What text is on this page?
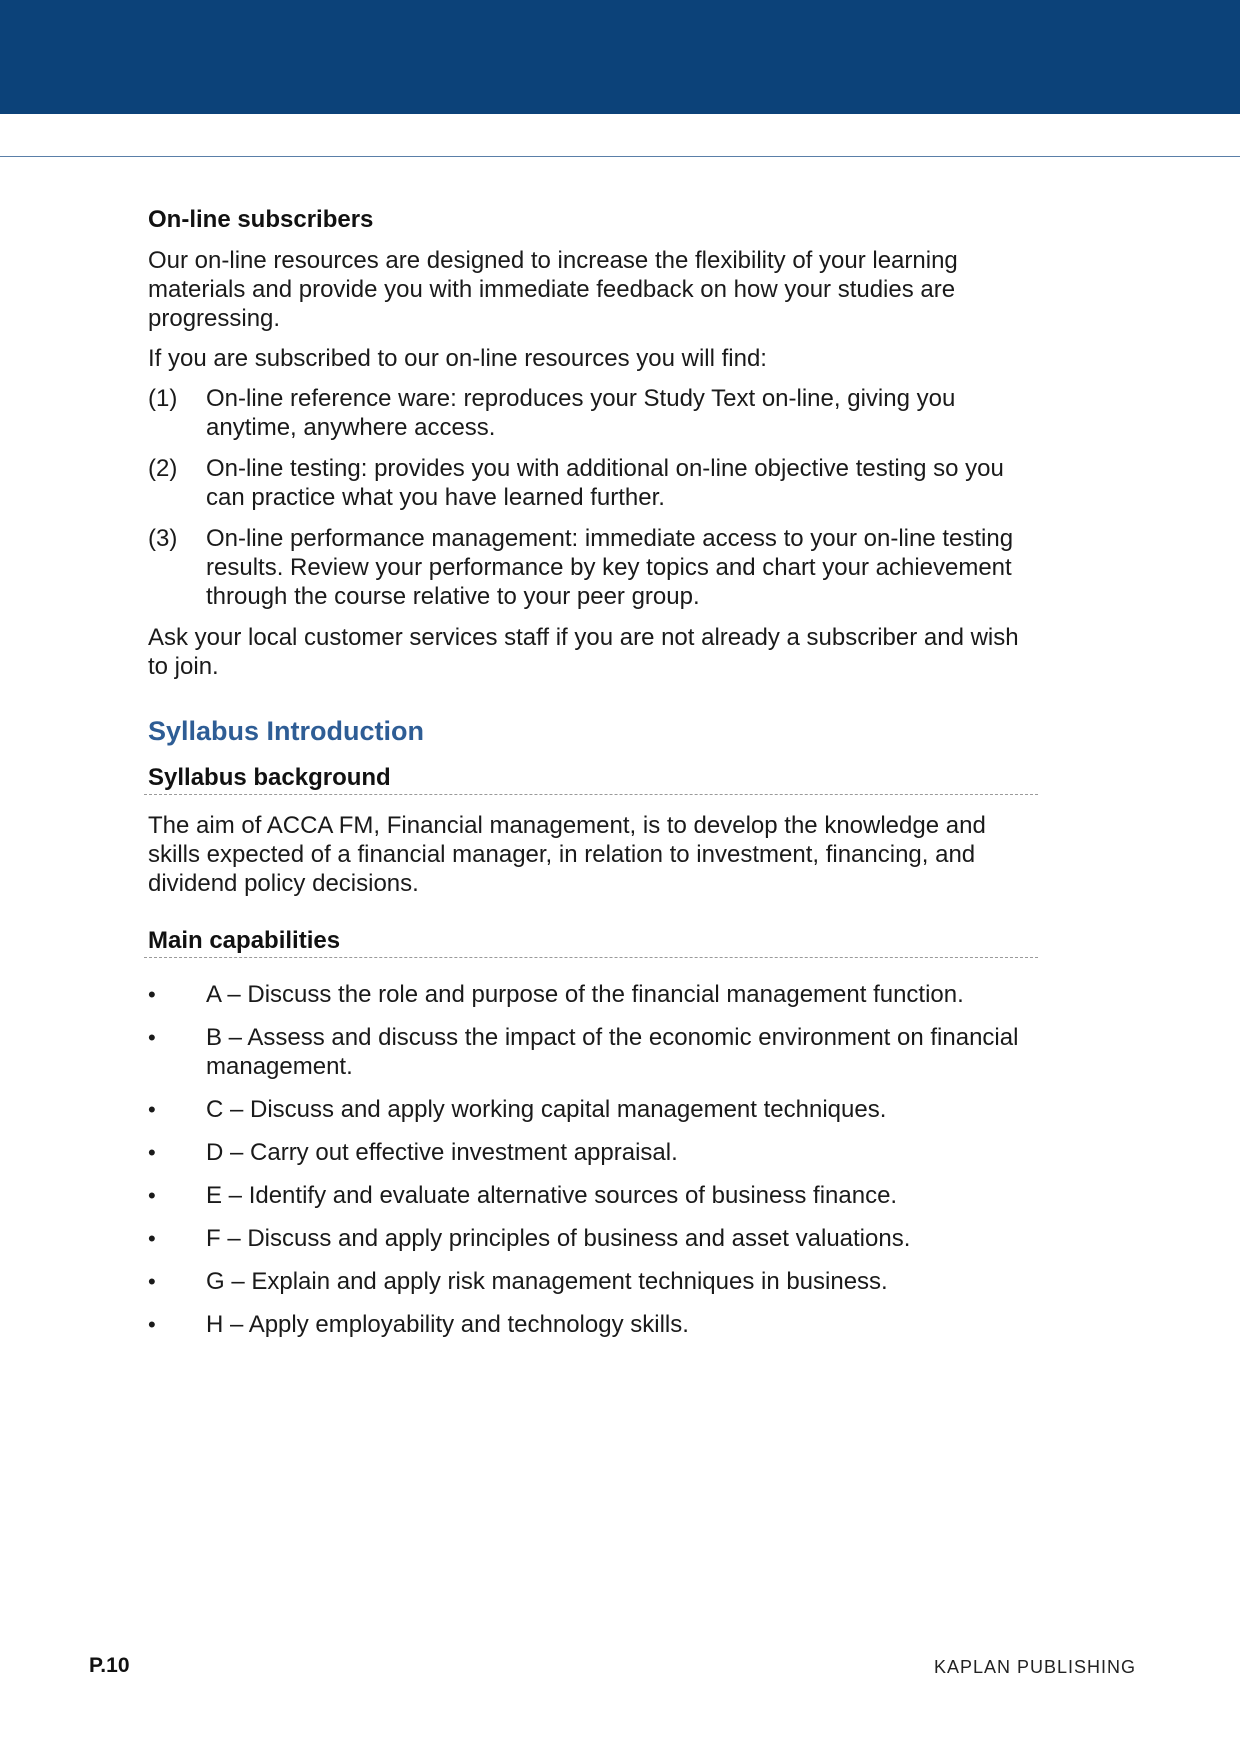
On-line subscribers

Our on-line resources are designed to increase the flexibility of your learning materials and provide you with immediate feedback on how your studies are progressing.

If you are subscribed to our on-line resources you will find:

(1)	On-line reference ware: reproduces your Study Text on-line, giving you anytime, anywhere access.
(2)	On-line testing: provides you with additional on-line objective testing so you can practice what you have learned further.
(3)	On-line performance management: immediate access to your on-line testing results. Review your performance by key topics and chart your achievement through the course relative to your peer group.

Ask your local customer services staff if you are not already a subscriber and wish to join.

Syllabus Introduction
Syllabus background

The aim of ACCA FM, Financial management, is to develop the knowledge and skills expected of a financial manager, in relation to investment, financing, and dividend policy decisions.

Main capabilities
•	A – Discuss the role and purpose of the financial management function.
•	B – Assess and discuss the impact of the economic environment on financial management.
•	C – Discuss and apply working capital management techniques.
•	D – Carry out effective investment appraisal.
•	E – Identify and evaluate alternative sources of business finance.
•	F – Discuss and apply principles of business and asset valuations.
•	G – Explain and apply risk management techniques in business.
•	H – Apply employability and technology skills.
P.10	KAPLAN PUBLISHING
